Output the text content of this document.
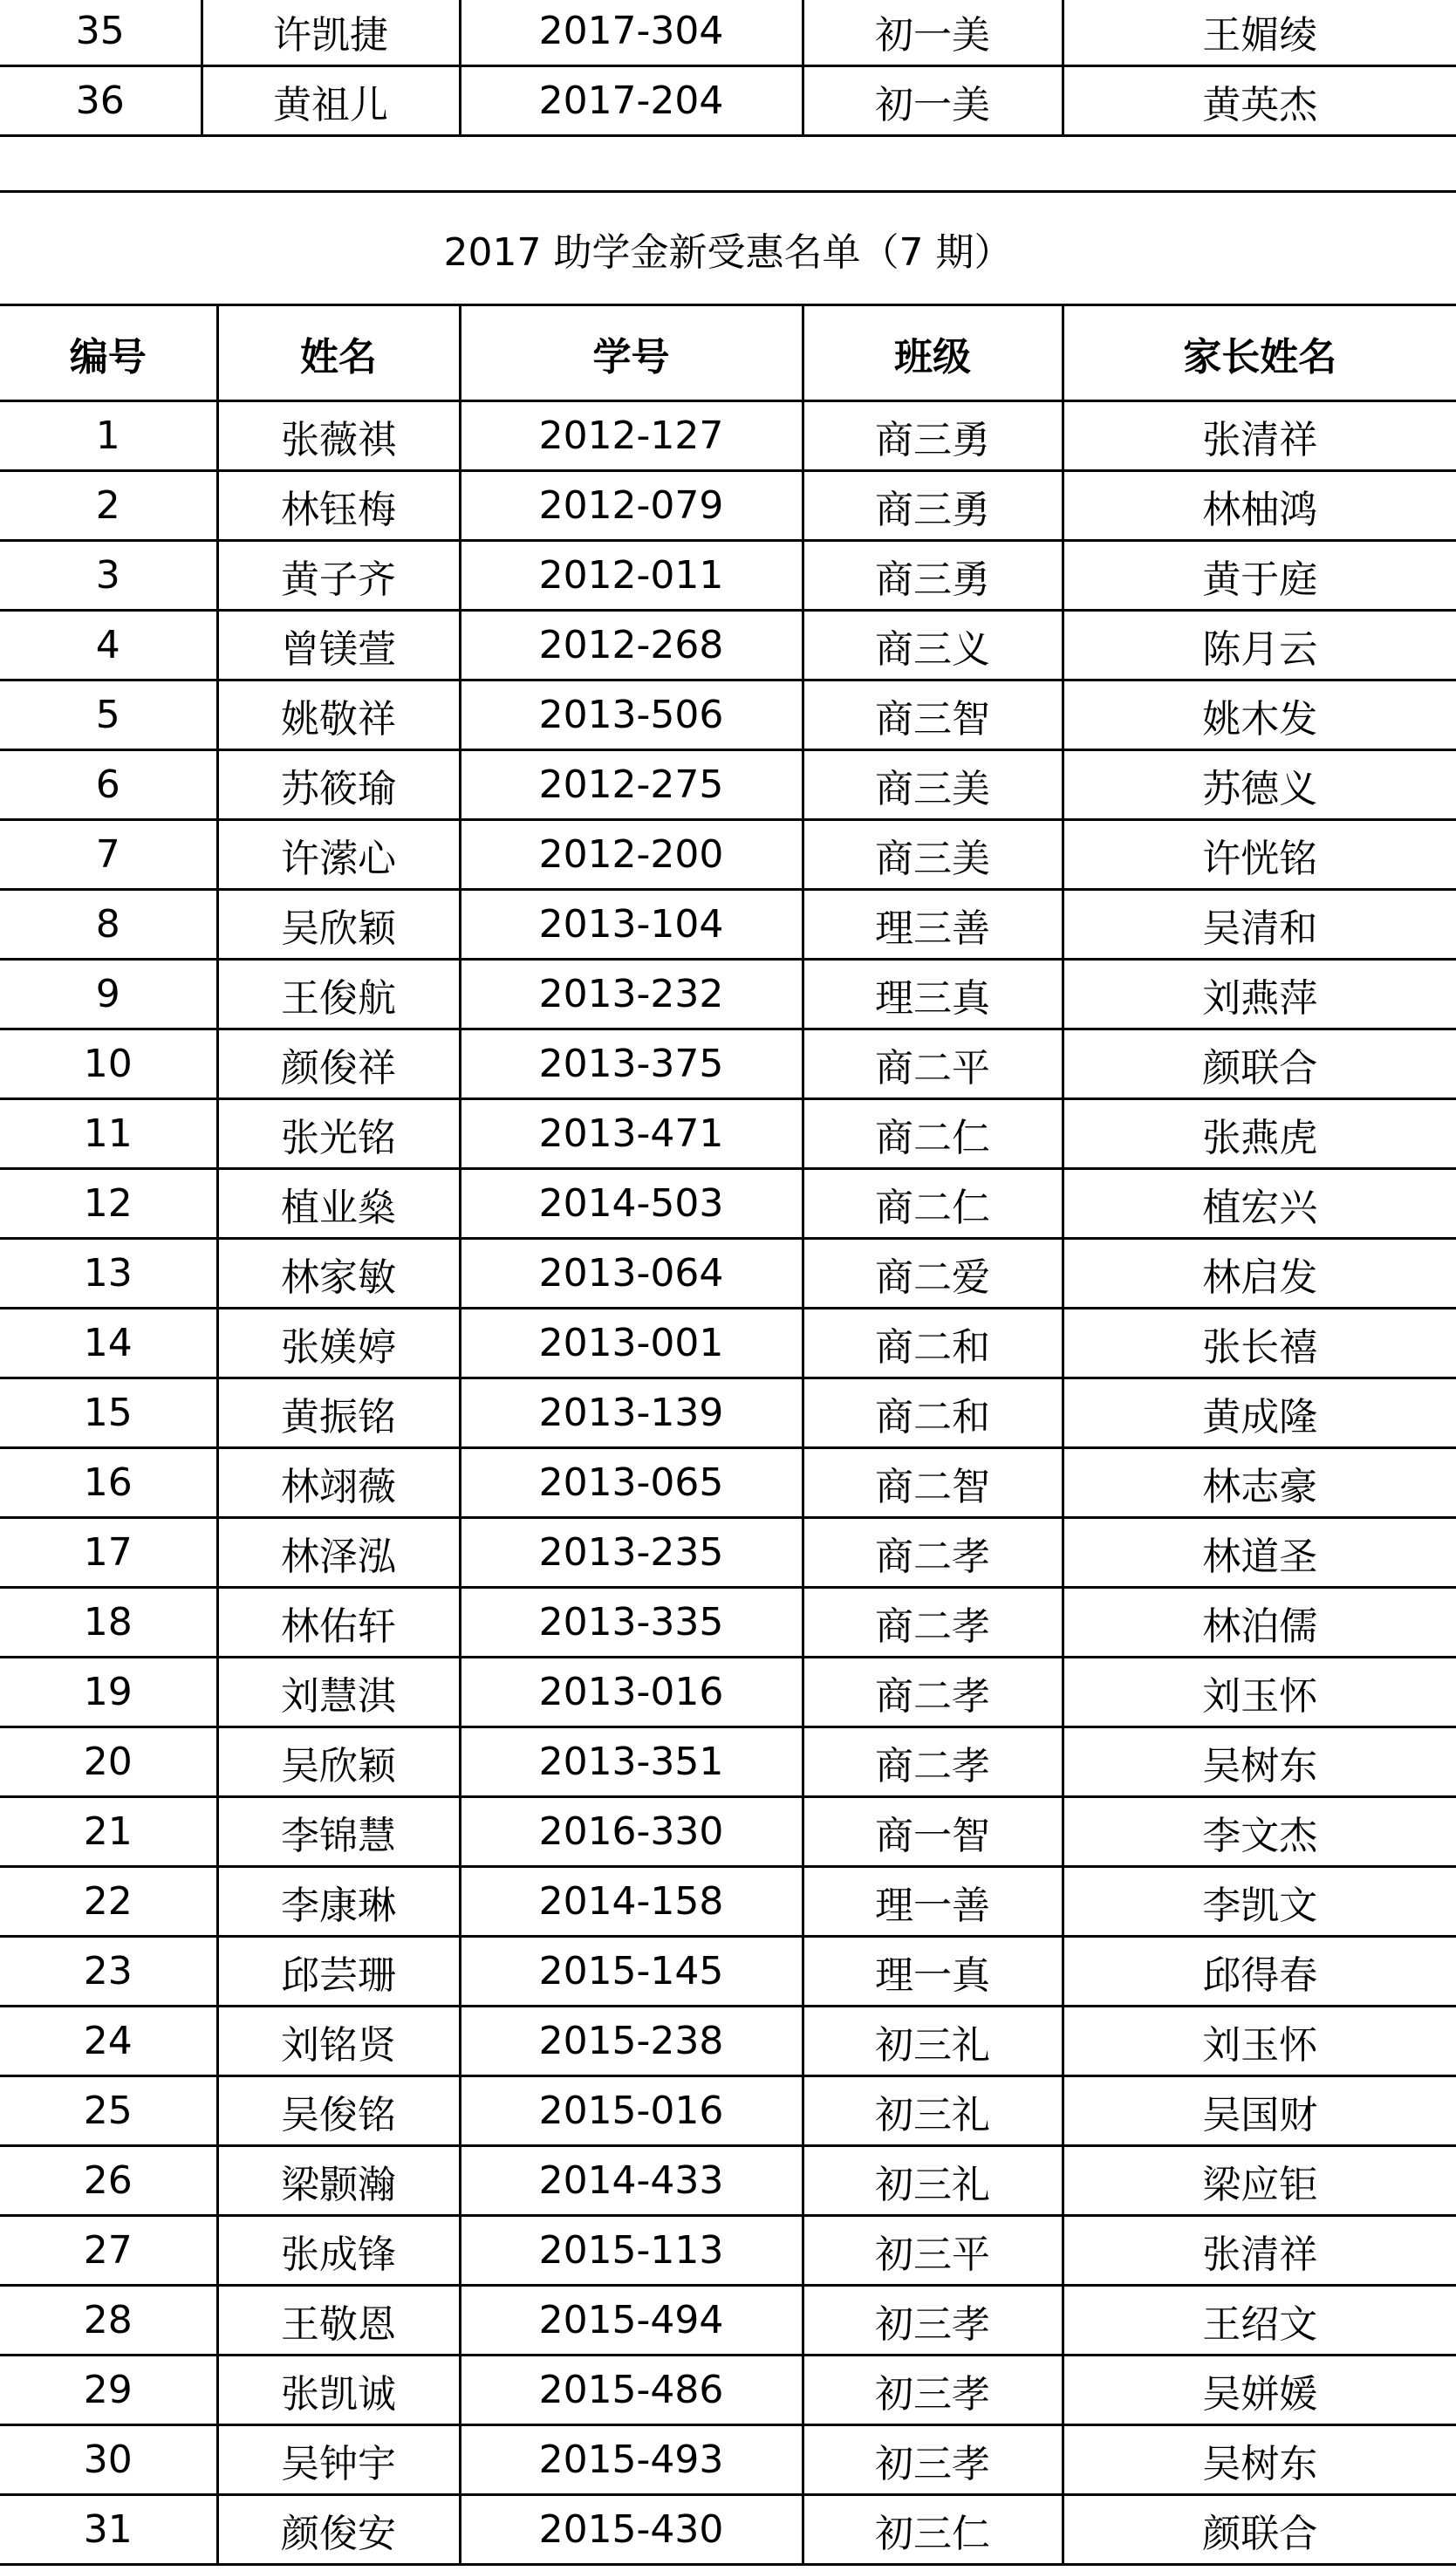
35	许凯捷	2017-304	初一美	王媚绫
36	黄祖儿	2017-204	初一美	黄英杰
2017 助学金新受惠名单（7 期）				
编号	姓名	学号	班级	家长姓名
1	张薇祺	2012-127	商三勇	张清祥
2	林钰梅	2012-079	商三勇	林柚鸿
3	黄子齐	2012-011	商三勇	黄于庭
4	曾镁萱	2012-268	商三义	陈月云
5	姚敬祥	2013-506	商三智	姚木发
6	苏筱瑜	2012-275	商三美	苏德义
7	许潆心	2012-200	商三美	许恍铭
8	吴欣颖	2013-104	理三善	吴清和
9	王俊航	2013-232	理三真	刘燕萍
10	颜俊祥	2013-375	商二平	颜联合
11	张光铭	2013-471	商二仁	张燕虎
12	植业燊	2014-503	商二仁	植宏兴
13	林家敏	2013-064	商二爱	林启发
14	张媄婷	2013-001	商二和	张长禧
15	黄振铭	2013-139	商二和	黄成隆
16	林翊薇	2013-065	商二智	林志豪
17	林泽泓	2013-235	商二孝	林道圣
18	林佑轩	2013-335	商二孝	林泊儒
19	刘慧淇	2013-016	商二孝	刘玉怀
20	吴欣颖	2013-351	商二孝	吴树东
21	李锦慧	2016-330	商一智	李文杰
22	李康琳	2014-158	理一善	李凯文
23	邱芸珊	2015-145	理一真	邱得春
24	刘铭贤	2015-238	初三礼	刘玉怀
25	吴俊铭	2015-016	初三礼	吴国财
26	梁颢瀚	2014-433	初三礼	梁应钜
27	张成锋	2015-113	初三平	张清祥
28	王敬恩	2015-494	初三孝	王绍文
29	张凯诚	2015-486	初三孝	吴姘媛
30	吴钟宇	2015-493	初三孝	吴树东
31	颜俊安	2015-430	初三仁	颜联合
